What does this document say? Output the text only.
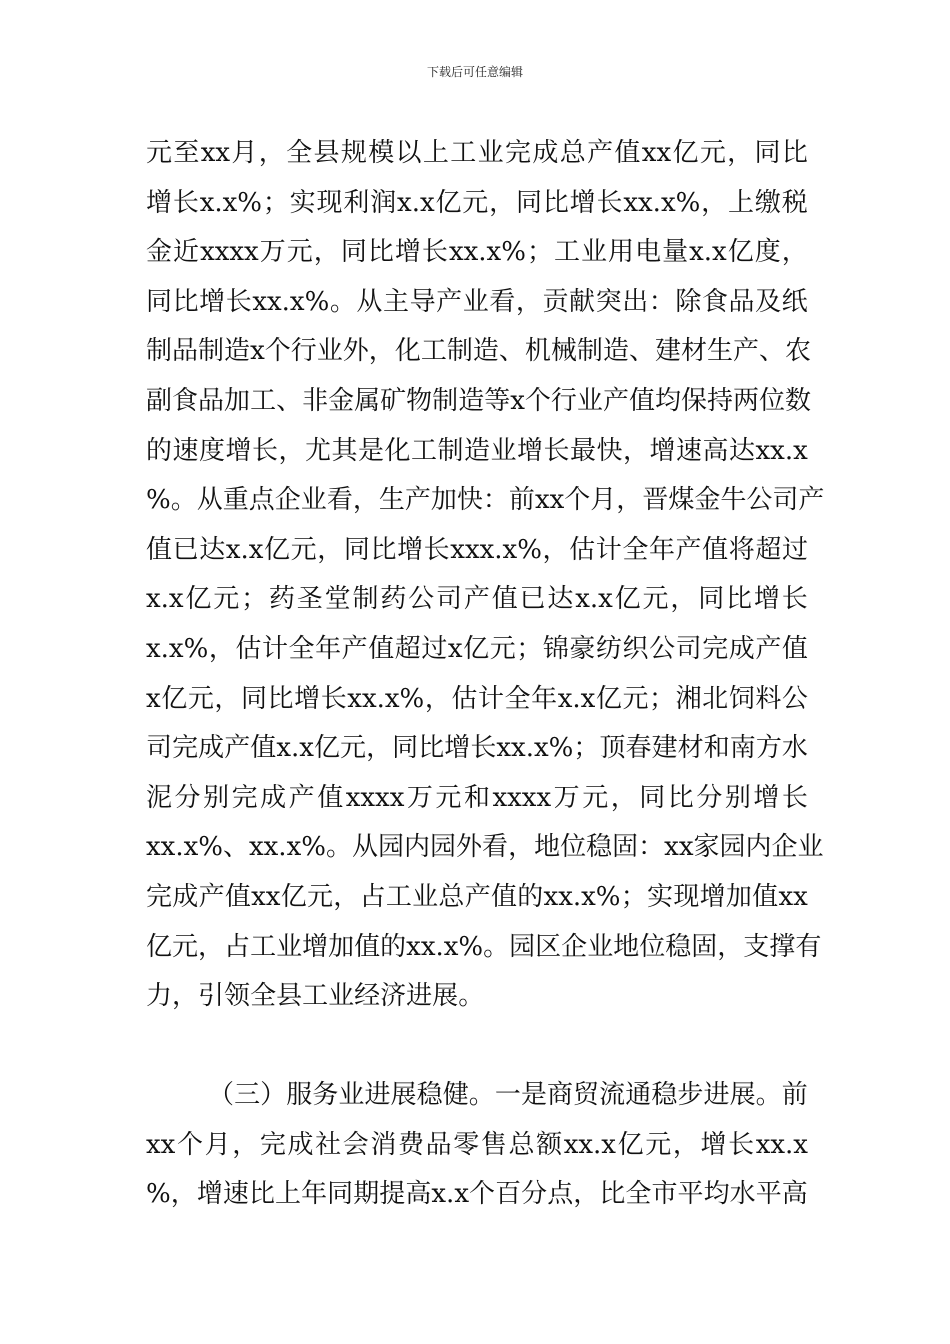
下载后可任意编辑
元 至 xx 月 ， 全 县 规 模 以 上 工 业 完 成 总 产 值 xx 亿 元 ， 同 比
增 长 x.x% ； 实 现 利 润 x.x 亿 元 ， 同 比 增 长 xx.x% ， 上 缴 税
金 近 xxxx 万 元 ， 同 比 增 长 xx.x% ； 工 业 用 电 量 x.x 亿 度 ，
同 比 增 长 xx.x% 。 从 主 导 产 业 看 ， 贡 献 突 出 ： 除 食 品 及 纸
制 品 制 造 x 个 行 业 外 ， 化 工 制 造 、 机 械 制 造 、 建 材 生 产 、 农
副 食 品 加 工 、 非 金 属 矿 物 制 造 等 x 个 行 业 产 值 均 保 持 两 位 数
的 速 度 增 长 ， 尤 其 是 化 工 制 造 业 增 长 最 快 ， 增 速 高 达 xx.x
% 。 从 重 点 企 业 看 ， 生 产 加 快 ： 前 xx 个 月 ， 晋 煤 金 牛 公 司 产
值 已 达 x.x 亿 元 ， 同 比 增 长 xxx.x% ， 估 计 全 年 产 值 将 超 过
x.x 亿 元 ； 药 圣 堂 制 药 公 司 产 值 已 达 x.x 亿 元 ， 同 比 增 长
x.x% ， 估 计 全 年 产 值 超 过 x 亿 元 ； 锦 豪 纺 织 公 司 完 成 产 值
x 亿 元 ， 同 比 增 长 xx.x% ， 估 计 全 年 x.x 亿 元 ； 湘 北 饲 料 公
司 完 成 产 值 x.x 亿 元 ， 同 比 增 长 xx.x% ； 顶 春 建 材 和 南 方 水
泥 分 别 完 成 产 值 xxxx 万 元 和 xxxx 万 元 ， 同 比 分 别 增 长
xx.x% 、 xx.x% 。 从 园 内 园 外 看 ， 地 位 稳 固 ： xx 家 园 内 企 业
完 成 产 值 xx 亿 元 ， 占 工 业 总 产 值 的 xx.x% ； 实 现 增 加 值 xx
亿 元 ， 占 工 业 增 加 值 的 xx.x% 。 园 区 企 业 地 位 稳 固 ， 支 撑 有
力 ， 引 领 全 县 工 业 经 济 进 展 。
（ 三 ） 服 务 业 进 展 稳 健 。 一 是 商 贸 流 通 稳 步 进 展 。 前
xx 个 月 ， 完 成 社 会 消 费 品 零 售 总 额 xx.x 亿 元 ， 增 长 xx.x
% ， 增 速 比 上 年 同 期 提 高 x.x 个 百 分 点 ， 比 全 市 平 均 水 平 高
